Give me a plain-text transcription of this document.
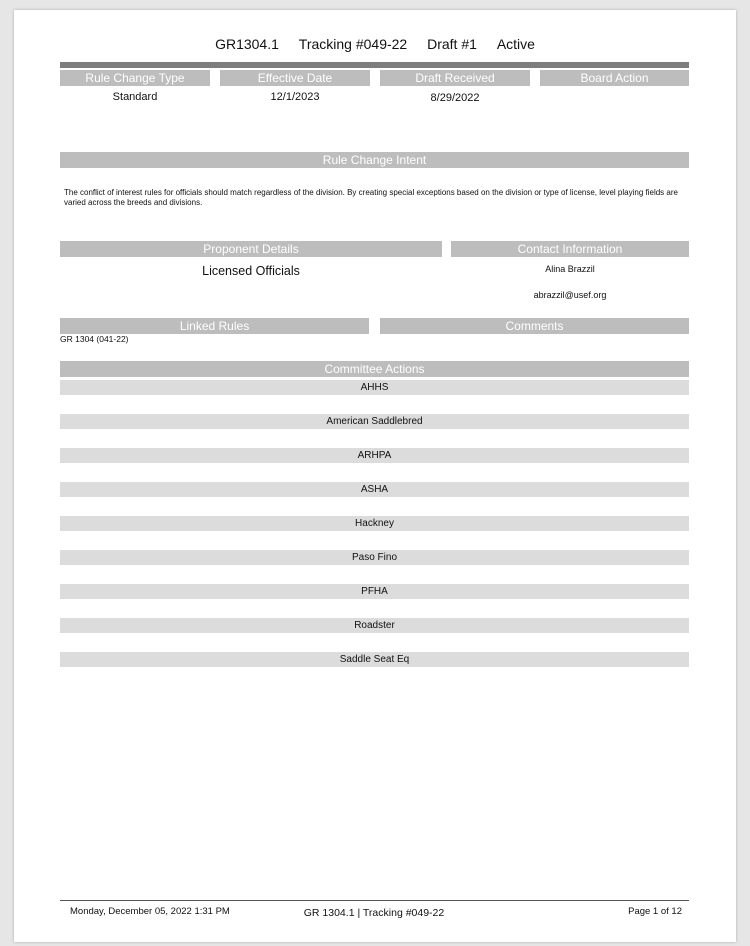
GR1304.1 Tracking #049-22 Draft #1 Active
Rule Change Type	Effective Date	Draft Received	Board Action
Standard	12/1/2023	8/29/2022
Rule Change Intent
The conflict of interest rules for officials should match regardless of the division. By creating special exceptions based on the division or type of license, level playing fields are varied across the breeds and divisions.
Proponent Details	Contact Information
Licensed Officials	Alina Brazzil
abrazzil@usef.org
Linked Rules	Comments
GR 1304 (041-22)
Committee Actions
AHHS
American Saddlebred
ARHPA
ASHA
Hackney
Paso Fino
PFHA
Roadster
Saddle Seat Eq
Monday, December 05, 2022 1:31 PM	GR 1304.1 | Tracking #049-22	Page 1 of 12
